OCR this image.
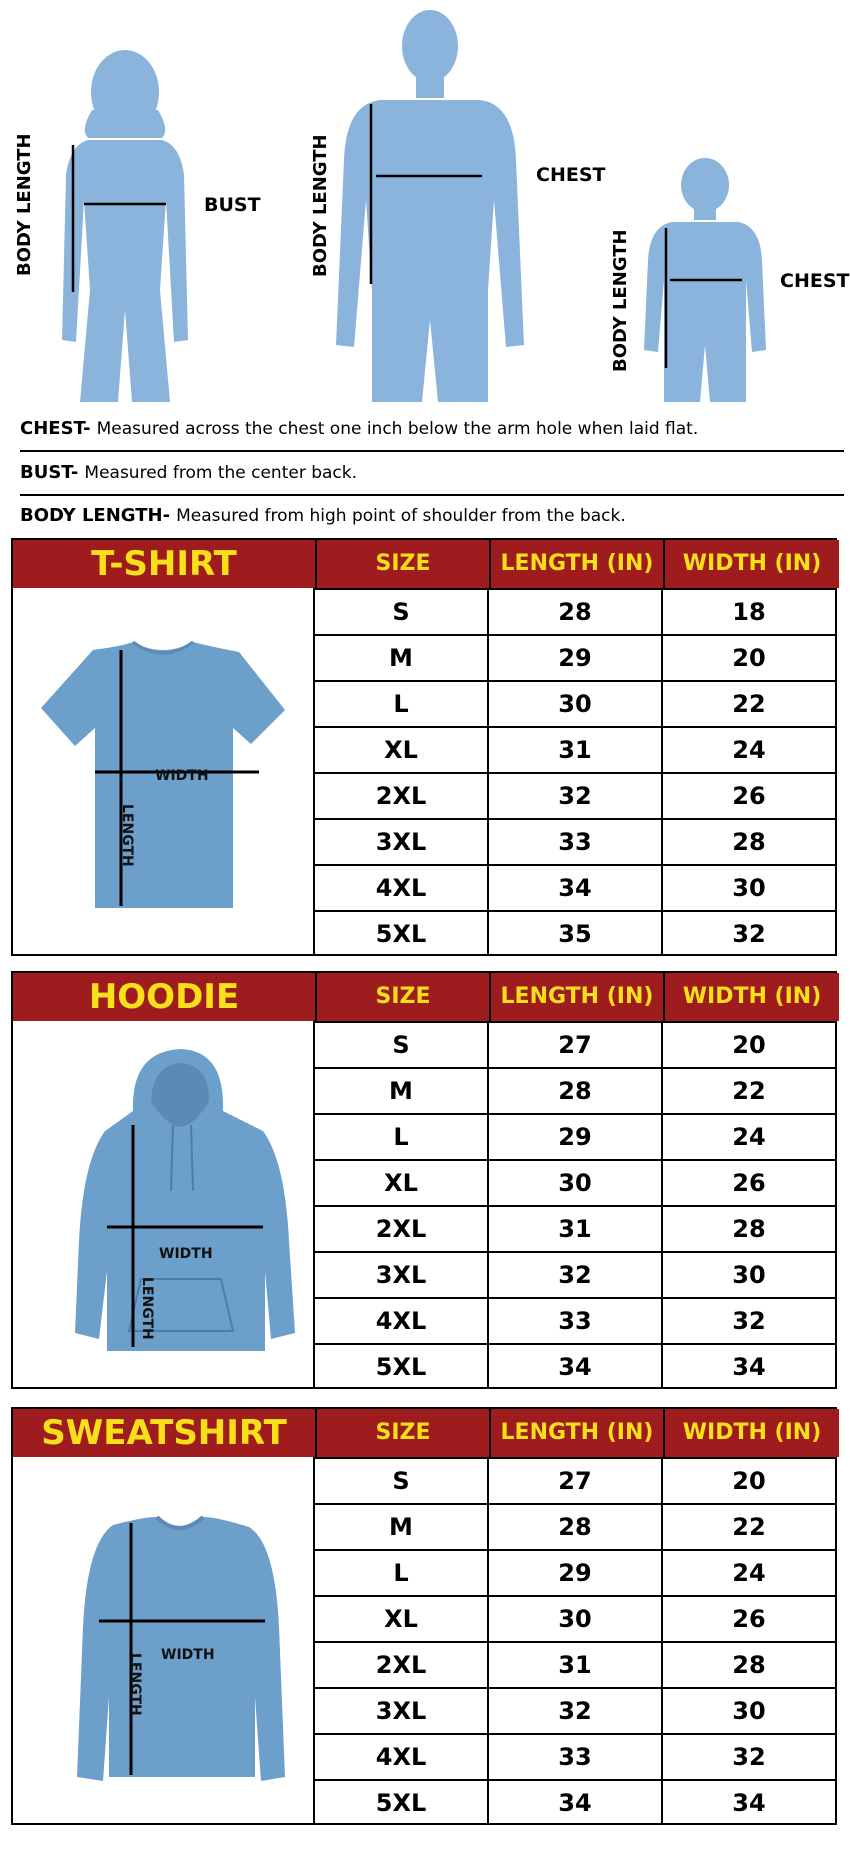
BODY LENGTH	BUST	BODY LENGTH	CHEST
BODY LENGTH	CHEST
CHEST- Measured across the chest one inch below the arm hole when laid flat.
BUST- Measured from the center back.
BODY LENGTH- Measured from high point of shoulder from the back.
T-SHIRT	SIZE	LENGTH (IN)	WIDTH (IN)
WIDTH
LENGTH
S	28	18
M	29	20
L	30	22
XL	31	24
2XL	32	26
3XL	33	28
4XL	34	30
5XL	35	32
HOODIE	SIZE	LENGTH (IN)	WIDTH (IN)
WIDTH
LENGTH
S	27	20
M	28	22
L	29	24
XL	30	26
2XL	31	28
3XL	32	30
4XL	33	32
5XL	34	34
SWEATSHIRT	SIZE	LENGTH (IN)	WIDTH (IN)
WIDTH
LENGTH
S	27	20
M	28	22
L	29	24
XL	30	26
2XL	31	28
3XL	32	30
4XL	33	32
5XL	34	34
